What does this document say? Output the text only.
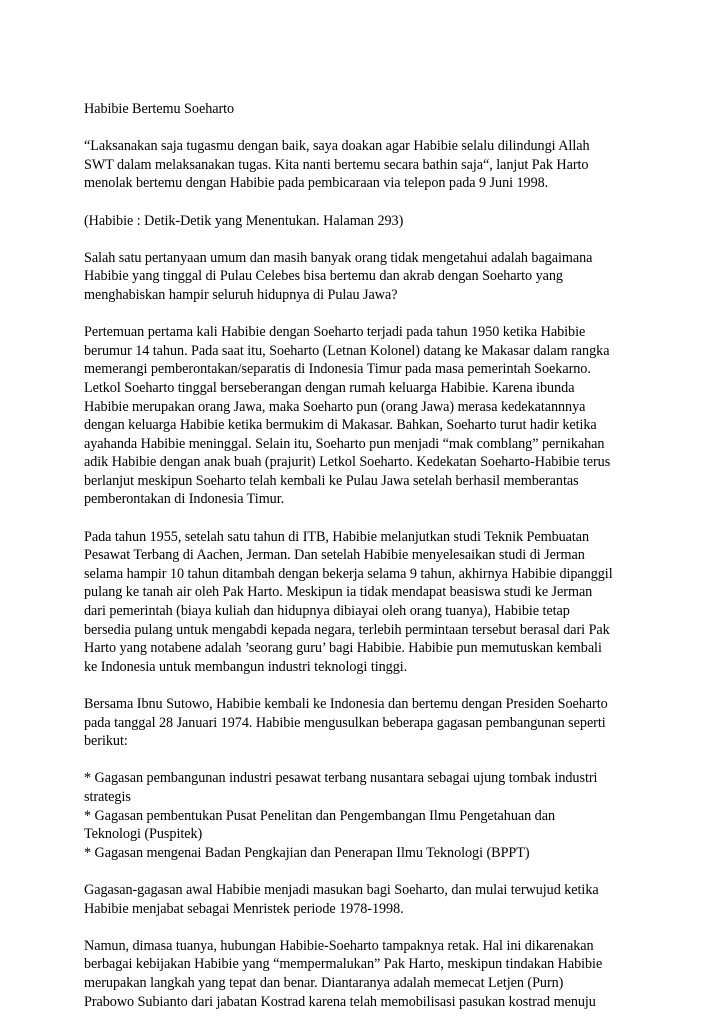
Habibie Bertemu Soeharto

“Laksanakan saja tugasmu dengan baik, saya doakan agar Habibie selalu dilindungi Allah
SWT dalam melaksanakan tugas. Kita nanti bertemu secara bathin saja“, lanjut Pak Harto
menolak bertemu dengan Habibie pada pembicaraan via telepon pada 9 Juni 1998.

(Habibie : Detik-Detik yang Menentukan. Halaman 293)

Salah satu pertanyaan umum dan masih banyak orang tidak mengetahui adalah bagaimana
Habibie yang tinggal di Pulau Celebes bisa bertemu dan akrab dengan Soeharto yang
menghabiskan hampir seluruh hidupnya di Pulau Jawa?

Pertemuan pertama kali Habibie dengan Soeharto terjadi pada tahun 1950 ketika Habibie
berumur 14 tahun. Pada saat itu, Soeharto (Letnan Kolonel) datang ke Makasar dalam rangka
memerangi pemberontakan/separatis di Indonesia Timur pada masa pemerintah Soekarno.
Letkol Soeharto tinggal berseberangan dengan rumah keluarga Habibie. Karena ibunda
Habibie merupakan orang Jawa, maka Soeharto pun (orang Jawa) merasa kedekatannnya
dengan keluarga Habibie ketika bermukim di Makasar. Bahkan, Soeharto turut hadir ketika
ayahanda Habibie meninggal. Selain itu, Soeharto pun menjadi “mak comblang” pernikahan
adik Habibie dengan anak buah (prajurit) Letkol Soeharto. Kedekatan Soeharto-Habibie terus
berlanjut meskipun Soeharto telah kembali ke Pulau Jawa setelah berhasil memberantas
pemberontakan di Indonesia Timur.

Pada tahun 1955, setelah satu tahun di ITB, Habibie melanjutkan studi Teknik Pembuatan
Pesawat Terbang di Aachen, Jerman. Dan setelah Habibie menyelesaikan studi di Jerman
selama hampir 10 tahun ditambah dengan bekerja selama 9 tahun, akhirnya Habibie dipanggil
pulang ke tanah air oleh Pak Harto. Meskipun ia tidak mendapat beasiswa studi ke Jerman
dari pemerintah (biaya kuliah dan hidupnya dibiayai oleh orang tuanya), Habibie tetap
bersedia pulang untuk mengabdi kepada negara, terlebih permintaan tersebut berasal dari Pak
Harto yang notabene adalah ’seorang guru’ bagi Habibie. Habibie pun memutuskan kembali
ke Indonesia untuk membangun industri teknologi tinggi.

Bersama Ibnu Sutowo, Habibie kembali ke Indonesia dan bertemu dengan Presiden Soeharto
pada tanggal 28 Januari 1974. Habibie mengusulkan beberapa gagasan pembangunan seperti
berikut:

* Gagasan pembangunan industri pesawat terbang nusantara sebagai ujung tombak industri
strategis
* Gagasan pembentukan Pusat Penelitan dan Pengembangan Ilmu Pengetahuan dan
Teknologi (Puspitek)
* Gagasan mengenai Badan Pengkajian dan Penerapan Ilmu Teknologi (BPPT)

Gagasan-gagasan awal Habibie menjadi masukan bagi Soeharto, dan mulai terwujud ketika
Habibie menjabat sebagai Menristek periode 1978-1998.

Namun, dimasa tuanya, hubungan Habibie-Soeharto tampaknya retak. Hal ini dikarenakan
berbagai kebijakan Habibie yang “mempermalukan” Pak Harto, meskipun tindakan Habibie
merupakan langkah yang tepat dan benar. Diantaranya adalah memecat Letjen (Purn)
Prabowo Subianto dari jabatan Kostrad karena telah memobilisasi pasukan kostrad menuju
